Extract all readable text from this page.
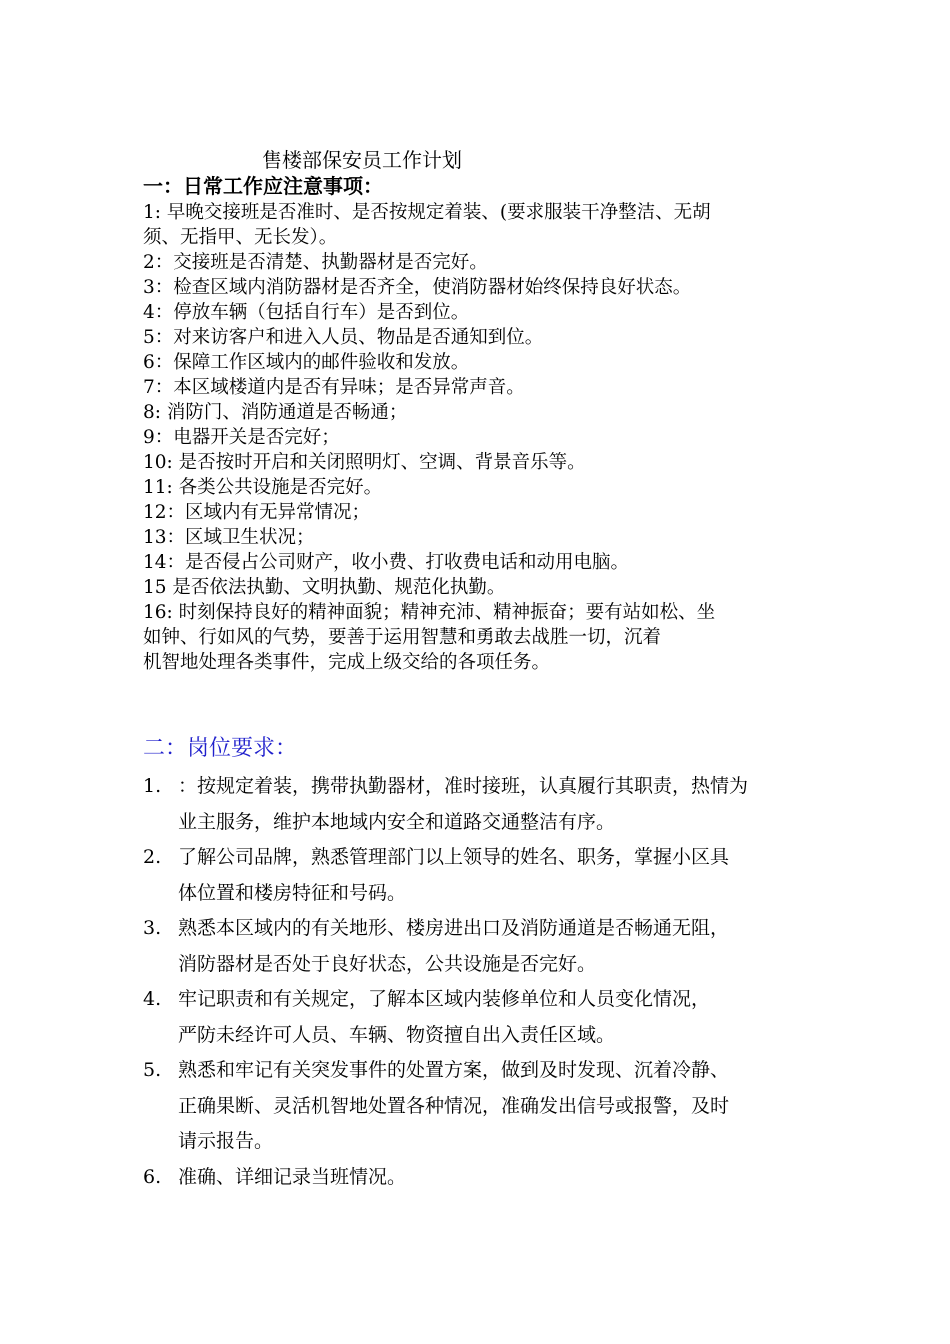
售楼部保安员工作计划
一：日常工作应注意事项：
1: 早晚交接班是否准时、是否按规定着装、(要求服装干净整洁、无胡
须、无指甲、无长发）。
2：交接班是否清楚、执勤器材是否完好。
3：检查区域内消防器材是否齐全，使消防器材始终保持良好状态。
4：停放车辆（包括自行车）是否到位。
5：对来访客户和进入人员、物品是否通知到位。
6：保障工作区域内的邮件验收和发放。
7：本区域楼道内是否有异味；是否异常声音。
8: 消防门、消防通道是否畅通；
9：电器开关是否完好；
10: 是否按时开启和关闭照明灯、空调、背景音乐等。
11: 各类公共设施是否完好。
12：区域内有无异常情况；
13：区域卫生状况；
14：是否侵占公司财产，收小费、打收费电话和动用电脑。
15 是否依法执勤、文明执勤、规范化执勤。
16: 时刻保持良好的精神面貌；精神充沛、精神振奋；要有站如松、坐
如钟、行如风的气势，要善于运用智慧和勇敢去战胜一切，沉着
机智地处理各类事件，完成上级交给的各项任务。
二：岗位要求：
1. ：按规定着装，携带执勤器材，准时接班，认真履行其职责，热情为
业主服务，维护本地域内安全和道路交通整洁有序。
2. 了解公司品牌，熟悉管理部门以上领导的姓名、职务，掌握小区具
体位置和楼房特征和号码。
3. 熟悉本区域内的有关地形、楼房进出口及消防通道是否畅通无阻，
消防器材是否处于良好状态，公共设施是否完好。
4. 牢记职责和有关规定，了解本区域内装修单位和人员变化情况，
严防未经许可人员、车辆、物资擅自出入责任区域。
5. 熟悉和牢记有关突发事件的处置方案，做到及时发现、沉着冷静、
正确果断、灵活机智地处置各种情况，准确发出信号或报警，及时
请示报告。
6. 准确、详细记录当班情况。
